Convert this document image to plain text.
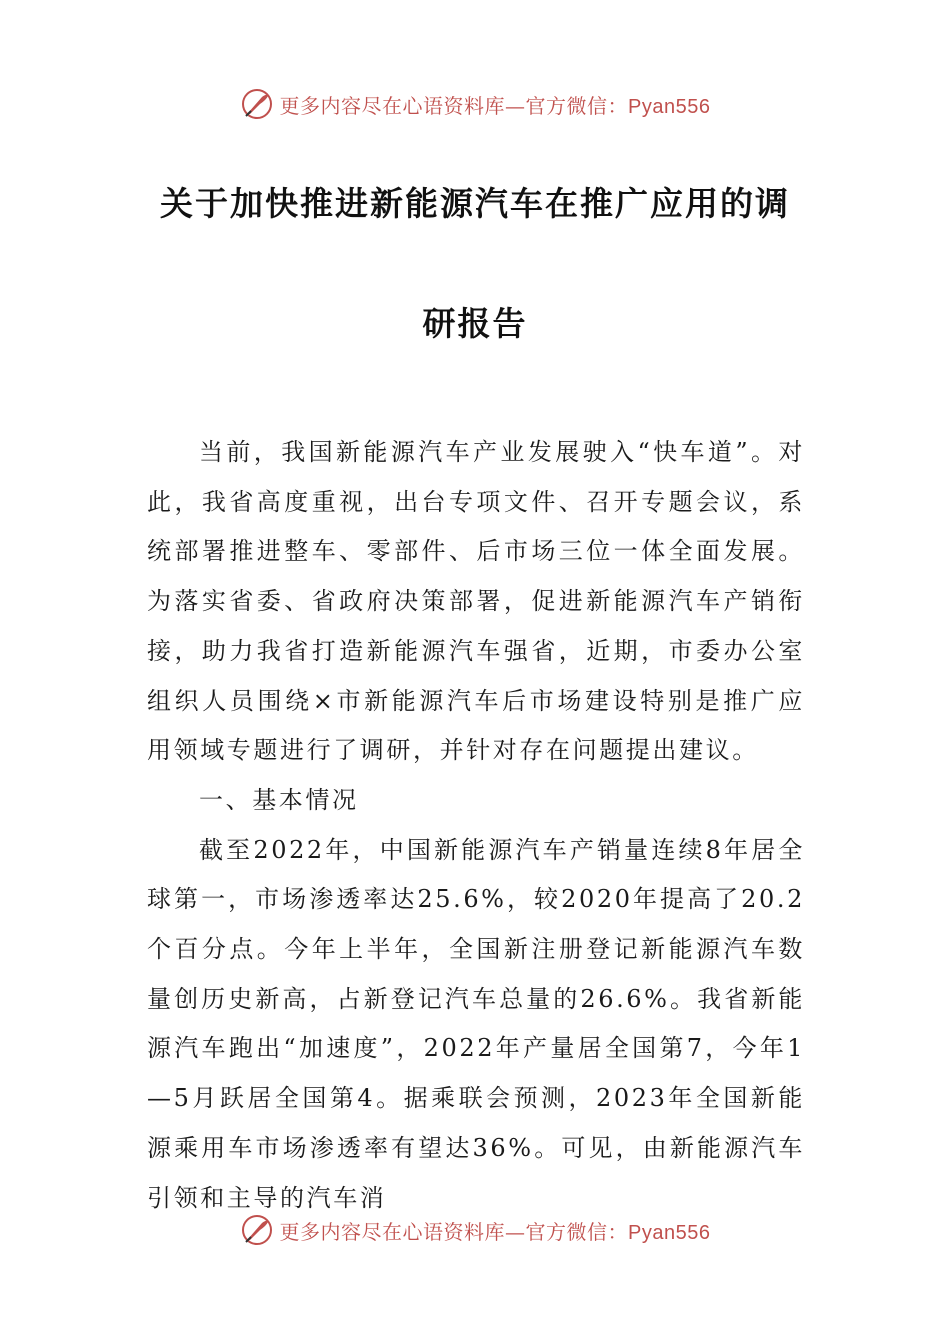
更多内容尽在心语资料库—官方微信：Pyan556
关于加快推进新能源汽车在推广应用的调
研报告

当前，我国新能源汽车产业发展驶入“快车道”。对此，我省高度重视，出台专项文件、召开专题会议，系统部署推进整车、零部件、后市场三位一体全面发展。为落实省委、省政府决策部署，促进新能源汽车产销衔接，助力我省打造新能源汽车强省，近期，市委办公室组织人员围绕×市新能源汽车后市场建设特别是推广应用领域专题进行了调研，并针对存在问题提出建议。

一、基本情况

截至2022年，中国新能源汽车产销量连续8年居全球第一，市场渗透率达25.6%，较2020年提高了20.2个百分点。今年上半年，全国新注册登记新能源汽车数量创历史新高，占新登记汽车总量的26.6%。我省新能源汽车跑出“加速度”，2022年产量居全国第7，今年1—5月跃居全国第4。据乘联会预测，2023年全国新能源乘用车市场渗透率有望达36%。可见，由新能源汽车引领和主导的汽车消

更多内容尽在心语资料库—官方微信：Pyan556
